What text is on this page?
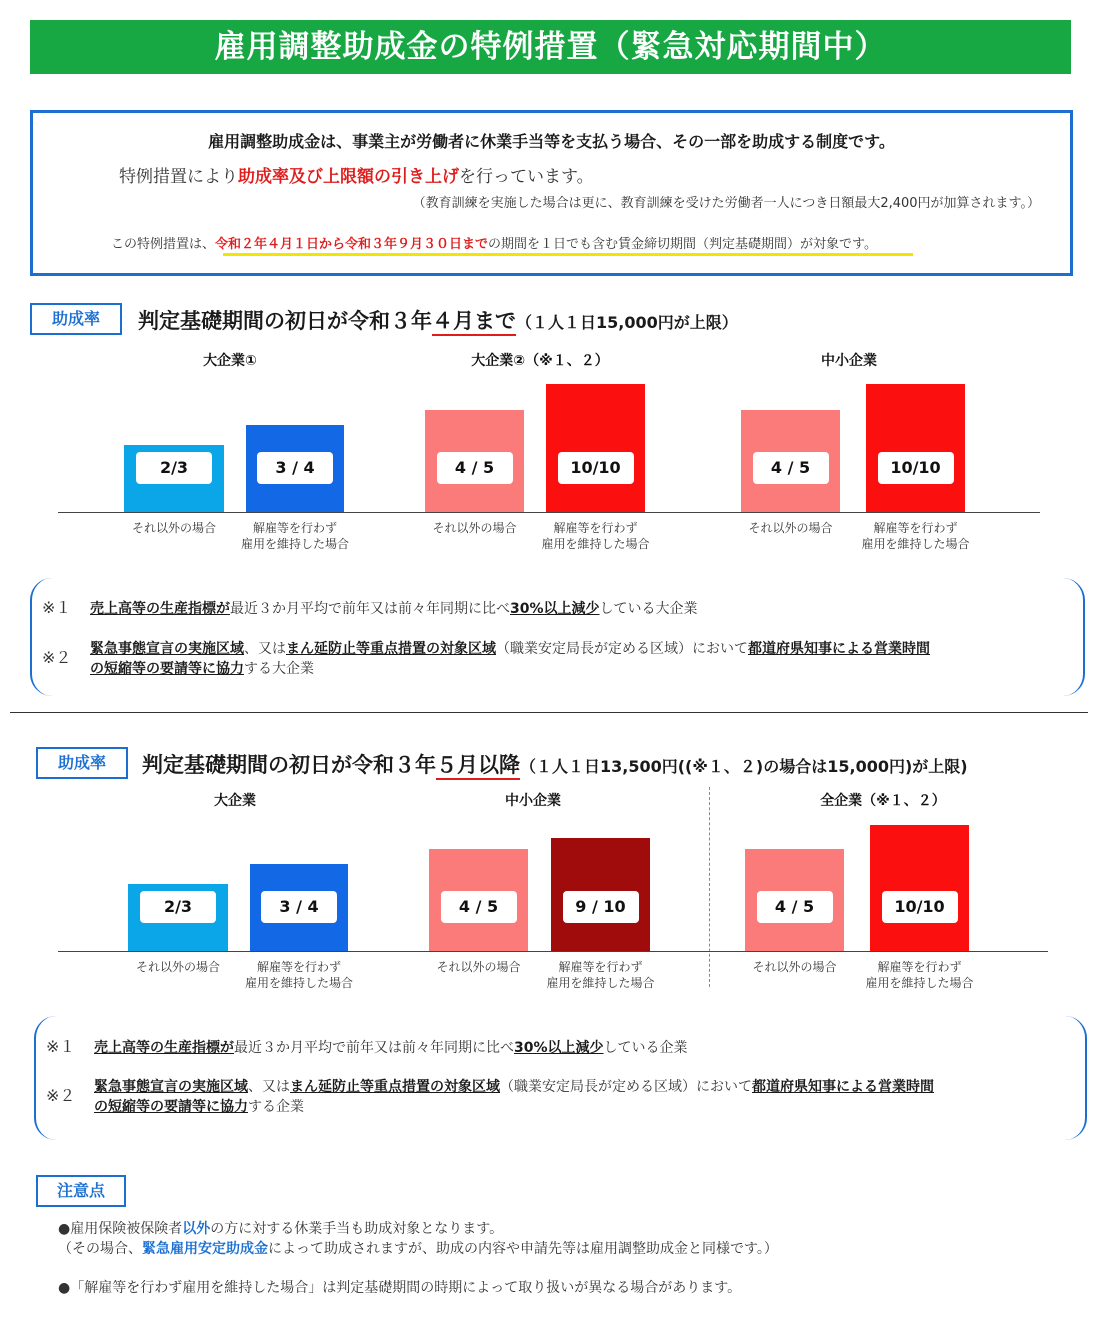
雇用調整助成金の特例措置（緊急対応期間中）
雇用調整助成金は、事業主が労働者に休業手当等を支払う場合、その一部を助成する制度です。
特例措置により助成率及び上限額の引き上げを行っています。
（教育訓練を実施した場合は更に、教育訓練を受けた労働者一人につき日額最大2,400円が加算されます。）
この特例措置は、令和２年４月１日から令和３年９月３０日までの期間を１日でも含む賃金締切期間（判定基礎期間）が対象です。
助成率	判定基礎期間の初日が令和３年４月まで（１人１日15,000円が上限）
大企業①
2/3
それ以外の場合
3 / 4
解雇等を行わず
雇用を維持した場合
大企業②（※１、２）
4 / 5
それ以外の場合
10/10
解雇等を行わず
雇用を維持した場合
中小企業
4 / 5
それ以外の場合
10/10
解雇等を行わず
雇用を維持した場合
※１ 売上高等の生産指標が最近３か月平均で前年又は前々年同期に比べ30%以上減少している大企業
※２ 緊急事態宣言の実施区域、又はまん延防止等重点措置の対象区域（職業安定局長が定める区域）において都道府県知事による営業時間
の短縮等の要請等に協力する大企業
助成率	判定基礎期間の初日が令和３年５月以降（１人１日13,500円((※１、２)の場合は15,000円)が上限)
大企業
2/3
それ以外の場合
3 / 4
解雇等を行わず
雇用を維持した場合
中小企業
4 / 5
それ以外の場合
9 / 10
解雇等を行わず
雇用を維持した場合
全企業（※１、２）
4 / 5
それ以外の場合
10/10
解雇等を行わず
雇用を維持した場合
※１ 売上高等の生産指標が最近３か月平均で前年又は前々年同期に比べ30%以上減少している企業
※２ 緊急事態宣言の実施区域、又はまん延防止等重点措置の対象区域（職業安定局長が定める区域）において都道府県知事による営業時間
の短縮等の要請等に協力する企業
注意点
●雇用保険被保険者以外の方に対する休業手当も助成対象となります。
（その場合、緊急雇用安定助成金によって助成されますが、助成の内容や申請先等は雇用調整助成金と同様です。）
●「解雇等を行わず雇用を維持した場合」は判定基礎期間の時期によって取り扱いが異なる場合があります。
